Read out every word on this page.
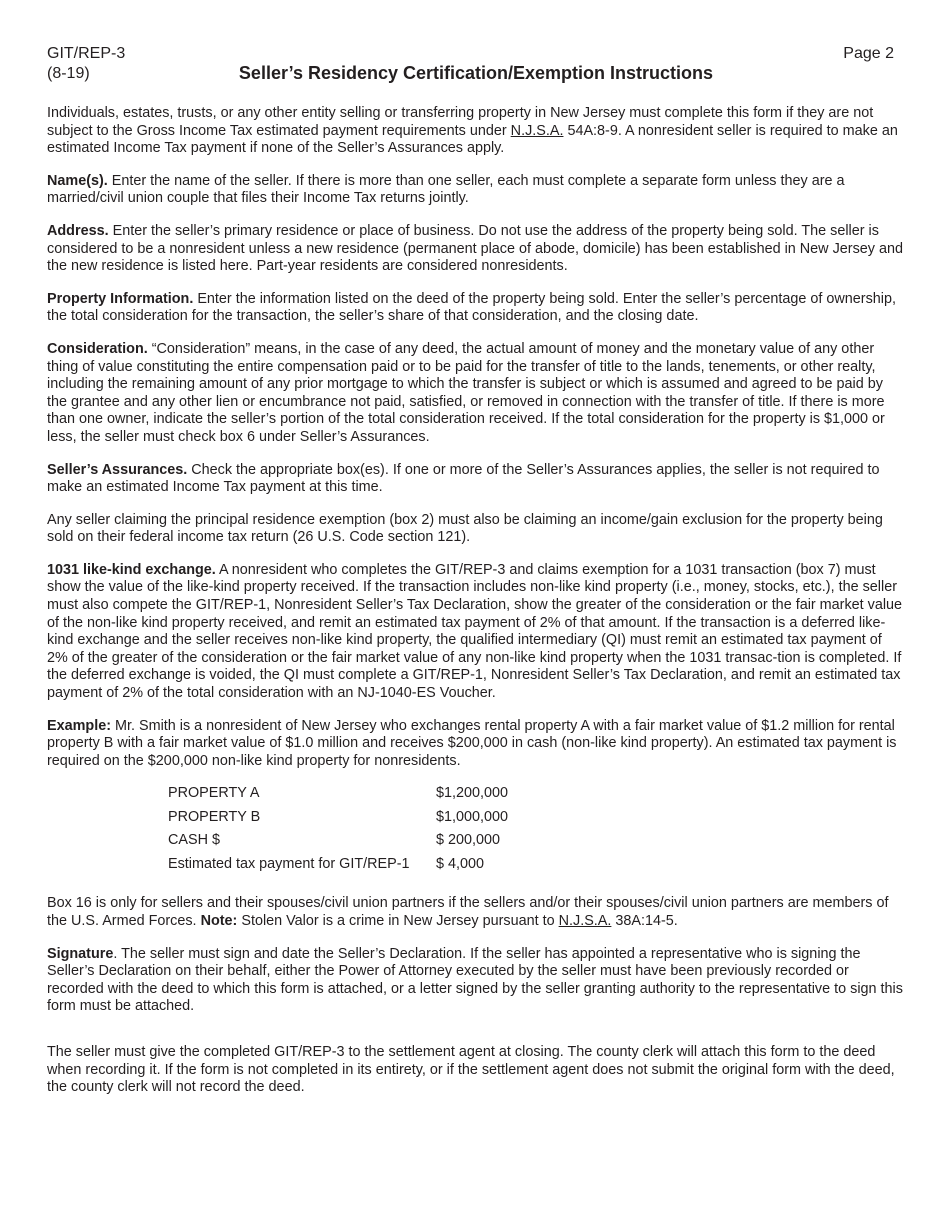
GIT/REP-3
(8-19)
Page 2
Seller’s Residency Certification/Exemption Instructions

Individuals, estates, trusts, or any other entity selling or transferring property in New Jersey must complete this form if they are not subject to the Gross Income Tax estimated payment requirements under N.J.S.A. 54A:8-9. A nonresident seller is required to make an estimated Income Tax payment if none of the Seller’s Assurances apply.

Name(s). Enter the name of the seller. If there is more than one seller, each must complete a separate form unless they are a married/civil union couple that files their Income Tax returns jointly.

Address. Enter the seller’s primary residence or place of business. Do not use the address of the property being sold. The seller is considered to be a nonresident unless a new residence (permanent place of abode, domicile) has been established in New Jersey and the new residence is listed here. Part-year residents are considered nonresidents.

Property Information. Enter the information listed on the deed of the property being sold. Enter the seller’s percentage of ownership, the total consideration for the transaction, the seller’s share of that consideration, and the closing date.

Consideration. “Consideration” means, in the case of any deed, the actual amount of money and the monetary value of any other thing of value constituting the entire compensation paid or to be paid for the transfer of title to the lands, tenements, or other realty, including the remaining amount of any prior mortgage to which the transfer is subject or which is assumed and agreed to be paid by the grantee and any other lien or encumbrance not paid, satisfied, or removed in connection with the transfer of title. If there is more than one owner, indicate the seller’s portion of the total consideration received. If the total consideration for the property is $1,000 or less, the seller must check box 6 under Seller’s Assurances.

Seller’s Assurances. Check the appropriate box(es). If one or more of the Seller’s Assurances applies, the seller is not required to make an estimated Income Tax payment at this time.

Any seller claiming the principal residence exemption (box 2) must also be claiming an income/gain exclusion for the property being sold on their federal income tax return (26 U.S. Code section 121).

1031 like-kind exchange. A nonresident who completes the GIT/REP-3 and claims exemption for a 1031 transaction (box 7) must show the value of the like-kind property received. If the transaction includes non-like kind property (i.e., money, stocks, etc.), the seller must also compete the GIT/REP-1, Nonresident Seller’s Tax Declaration, show the greater of the consideration or the fair market value of the non-like kind property received, and remit an estimated tax payment of 2% of that amount. If the transaction is a deferred like-kind exchange and the seller receives non-like kind property, the qualified intermediary (QI) must remit an estimated tax payment of 2% of the greater of the consideration or the fair market value of any non-like kind property when the 1031 transac-tion is completed. If the deferred exchange is voided, the QI must complete a GIT/REP-1, Nonresident Seller’s Tax Declaration, and remit an estimated tax payment of 2% of the total consideration with an NJ-1040-ES Voucher.

Example: Mr. Smith is a nonresident of New Jersey who exchanges rental property A with a fair market value of $1.2 million for rental property B with a fair market value of $1.0 million and receives $200,000 in cash (non-like kind property). An estimated tax payment is required on the $200,000 non-like kind property for nonresidents.

PROPERTY A	$1,200,000
PROPERTY B	$1,000,000
CASH $	$ 200,000
Estimated tax payment for GIT/REP-1	$ 4,000

Box 16 is only for sellers and their spouses/civil union partners if the sellers and/or their spouses/civil union partners are members of the U.S. Armed Forces. Note: Stolen Valor is a crime in New Jersey pursuant to N.J.S.A. 38A:14-5.

Signature. The seller must sign and date the Seller’s Declaration. If the seller has appointed a representative who is signing the Seller’s Declaration on their behalf, either the Power of Attorney executed by the seller must have been previously recorded or recorded with the deed to which this form is attached, or a letter signed by the seller granting authority to the representative to sign this form must be attached.

The seller must give the completed GIT/REP-3 to the settlement agent at closing. The county clerk will attach this form to the deed when recording it. If the form is not completed in its entirety, or if the settlement agent does not submit the original form with the deed, the county clerk will not record the deed.
